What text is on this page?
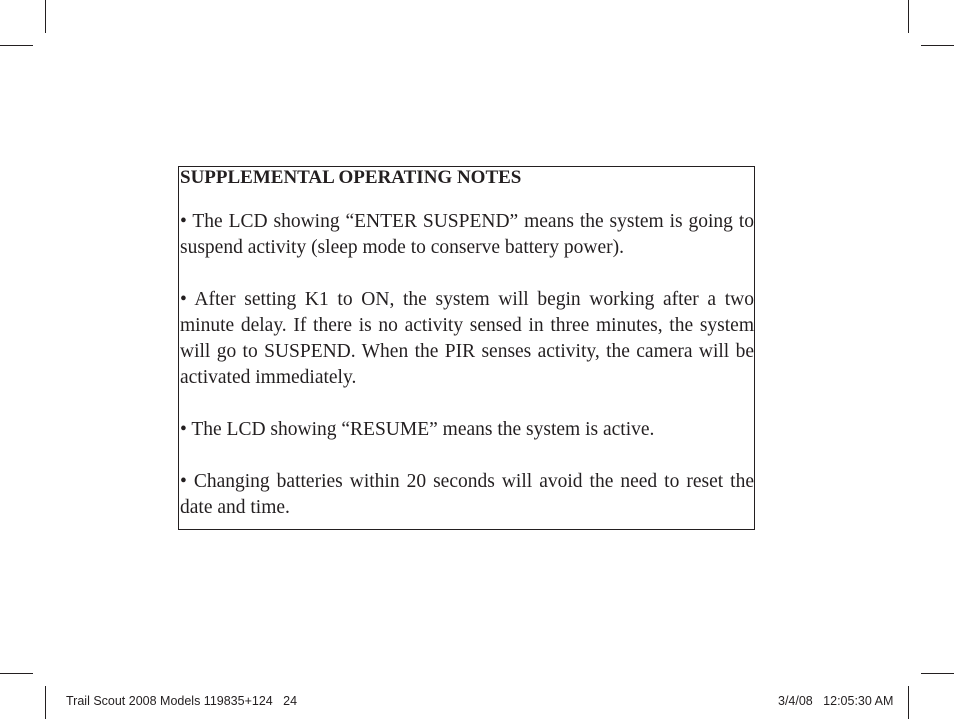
SUPPLEMENTAL OPERATING NOTES

• The LCD showing “ENTER SUSPEND” means the system is going to suspend activity (sleep mode to conserve battery power).

• After setting K1 to ON, the system will begin working after a two minute delay. If there is no activity sensed in three minutes, the system will go to SUSPEND. When the PIR senses activity, the camera will be activated immediately.

• The LCD showing “RESUME” means the system is active.

• Changing batteries within 20 seconds will avoid the need to reset the date and time.

Trail Scout 2008 Models 119835+124   24	3/4/08   12:05:30 AM
